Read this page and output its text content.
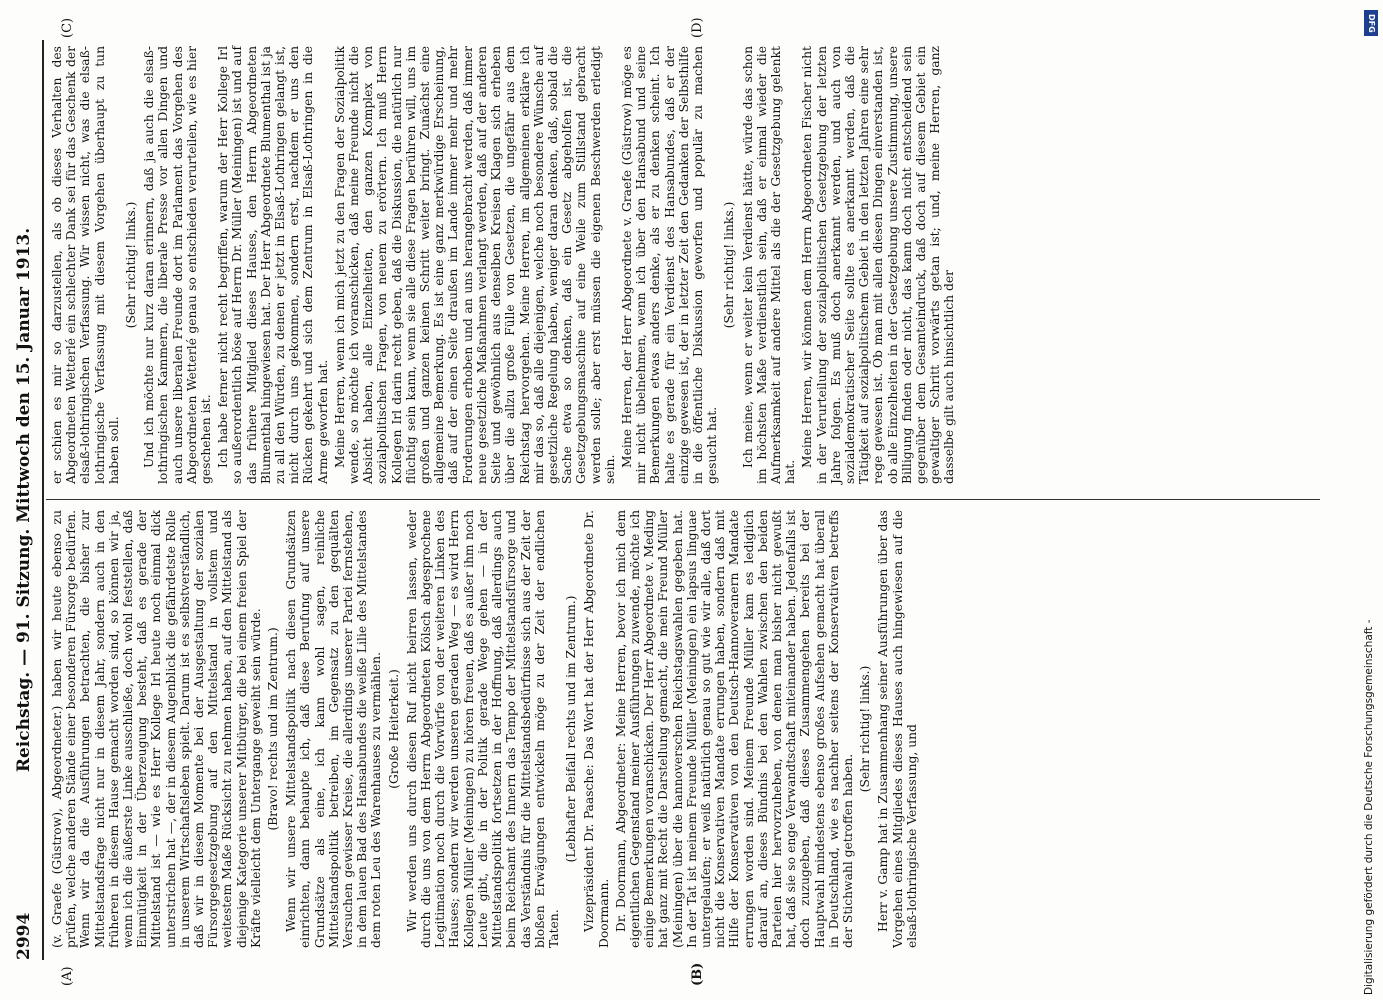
2994
Reichstag. — 91. Sitzung. Mittwoch den 15. Januar 1913.
(A)	(B)
(C)	(D)

(v. Graefe (Güstrow), Abgeordneter.) haben wir heute ebenso zu prüfen, welche anderen Stände einer besonderen Fürsorge bedürfen. Wenn wir da die Ausführungen betrachten, die bisher zur Mittelstandsfrage nicht nur in diesem Jahr, sondern auch in den früheren in diesem Hause gemacht worden sind, so können wir ja, wenn ich die äußerste Linke ausschließe, doch wohl feststellen, daß Einmütigkeit in der Überzeugung besteht, daß es gerade der Mittelstand ist — wie es Herr Kollege Irl heute noch einmal dick unterstrichen hat —, der in diesem Augenblick die gefährdetste Rolle in unserem Wirtschaftsleben spielt. Darum ist es selbstverständlich, daß wir in diesem Momente bei der Ausgestaltung der sozialen Fürsorgegesetzgebung auf den Mittelstand in vollstem und weitestem Maße Rücksicht zu nehmen haben, auf den Mittelstand als diejenige Kategorie unserer Mitbürger, die bei einem freien Spiel der Kräfte vielleicht dem Untergange geweiht sein würde. (Bravo! rechts und im Zentrum.) Wenn wir unsere Mittelstandspolitik nach diesen Grundsätzen einrichten, dann behaupte ich, daß diese Berufung auf unsere Grundsätze als eine, ich kann wohl sagen, reinliche Mittelstandspolitik betreiben, im Gegensatz zu den gequälten Versuchen gewisser Kreise, die allerdings unserer Partei fernstehen, in dem lauen Bad des Hansabundes die weiße Lilie des Mittelstandes dem roten Leu des Warenhauses zu vermählen. (Große Heiterkeit.) Wir werden uns durch diesen Ruf nicht beirren lassen, weder durch die uns von dem Herrn Abgeordneten Kölsch abgesprochene Legitimation noch durch die Vorwürfe von der weiteren Linken des Hauses; sondern wir werden unseren geraden Weg — es wird Herrn Kollegen Müller (Meiningen) zu hören freuen, daß es außer ihm noch Leute gibt, die in der Politik gerade Wege gehen — in der Mittelstandspolitik fortsetzen in der Hoffnung, daß allerdings auch beim Reichsamt des Innern das Tempo der Mittelstandsfürsorge und das Verständnis für die Mittelstandsbedürfnisse sich aus der Zeit der bloßen Erwägungen entwickeln möge zu der Zeit der endlichen Taten.

(Lebhafter Beifall rechts und im Zentrum.) Vizepräsident Dr. Paasche: Das Wort hat der Herr Abgeordnete Dr. Doormann. Dr. Doormann, Abgeordneter: Meine Herren, bevor ich mich dem eigentlichen Gegenstand meiner Ausführungen zuwende, möchte ich einige Bemerkungen voranschicken. Der Herr Abgeordnete v. Meding hat ganz mit Recht die Darstellung gemacht, die mein Freund Müller (Meiningen) über die hannoverschen Reichstagswahlen gegeben hat. In der Tat ist meinem Freunde Müller (Meiningen) ein lapsus linguae untergelaufen; er weiß natürlich genau so gut wie wir alle, daß dort nicht die Konservativen Mandate errungen haben, sondern daß mit Hilfe der Konservativen von den Deutsch-Hannoveranern Mandate errungen worden sind. Meinem Freunde Müller kam es lediglich darauf an, dieses Bündnis bei den Wahlen zwischen den beiden Parteien hier hervorzuheben, von denen man bisher nicht gewußt hat, daß sie so enge Verwandtschaft miteinander haben. Jedenfalls ist doch zuzugeben, daß dieses Zusammengehen bereits bei der Hauptwahl mindestens ebenso großes Aufsehen gemacht hat überall in Deutschland, wie es nachher seitens der Konservativen betreffs der Stichwahl getroffen haben.

(Sehr richtig! links.) Herr v. Gamp hat in Zusammenhang seiner Ausführungen über das Vorgehen eines Mitgliedes dieses Hauses auch hingewiesen auf die elsaß-lothringische Verfassung, und

er schien es mir so darzustellen, als ob dieses Verhalten des Abgeordneten Wetterlé ein schlechter Dank sei für das Geschenk der elsaß-lothringischen Verfassung. Wir wissen nicht, was die elsaß-lothringische Verfassung mit diesem Vorgehen überhaupt zu tun haben soll.

(Sehr richtig! links.) Und ich möchte nur kurz daran erinnern, daß ja auch die elsaß-lothringischen Kammern, die liberale Presse vor allen Dingen und auch unsere liberalen Freunde dort im Parlament das Vorgehen des Abgeordneten Wetterlé genau so entschieden verurteilen, wie es hier geschehen ist. Ich habe ferner nicht recht begriffen, warum der Herr Kollege Irl so außerordentlich böse auf Herrn Dr. Müller (Meiningen) ist und auf das frühere Mitglied dieses Hauses, den Herrn Abgeordneten Blumenthal hingewiesen hat. Der Herr Abgeordnete Blumenthal ist ja zu all den Würden, zu denen er jetzt in Elsaß-Lothringen gelangt ist, nicht durch uns gekommen, sondern erst, nachdem er uns den Rücken gekehrt und sich dem Zentrum in Elsaß-Lothringen in die Arme geworfen hat. Meine Herren, wenn ich mich jetzt zu den Fragen der Sozialpolitik wende, so möchte ich voranschicken, daß meine Freunde nicht die Absicht haben, alle Einzelheiten, den ganzen Komplex von sozialpolitischen Fragen, von neuem zu erörtern. Ich muß Herrn Kollegen Irl darin recht geben, daß die Diskussion, die natürlich nur flüchtig sein kann, wenn sie alle diese Fragen berühren will, uns im großen und ganzen keinen Schritt weiter bringt. Zunächst eine allgemeine Bemerkung. Es ist eine ganz merkwürdige Erscheinung, daß auf der einen Seite draußen im Lande immer mehr und mehr Forderungen erhoben und an uns herangebracht werden, daß immer neue gesetzliche Maßnahmen verlangt werden, daß auf der anderen Seite und gewöhnlich aus denselben Kreisen Klagen sich erheben über die allzu große Fülle von Gesetzen, die ungefähr aus dem Reichstag hervorgehen. Meine Herren, im allgemeinen erkläre ich mir das so, daß alle diejenigen, welche noch besondere Wünsche auf gesetzliche Regelung haben, weniger daran denken, daß, sobald die Sache etwa so denken, daß ein Gesetz abgeholfen ist, die Gesetzgebungsmaschine auf eine Weile zum Stillstand gebracht werden solle; aber erst müssen die eigenen Beschwerden erledigt sein.

Meine Herren, der Herr Abgeordnete v. Graefe (Güstrow) möge es mir nicht übelnehmen, wenn ich über den Hansabund und seine Bemerkungen etwas anders denke, als er zu denken scheint. Ich halte es gerade für ein Verdienst des Hansabundes, daß er der einzige gewesen ist, der in letzter Zeit den Gedanken der Selbsthilfe in die öffentliche Diskussion geworfen und populär zu machen gesucht hat.

(Sehr richtig! links.) Ich meine, wenn er weiter kein Verdienst hätte, würde das schon im höchsten Maße verdienstlich sein, daß er einmal wieder die Aufmerksamkeit auf andere Mittel als die der Gesetzgebung gelenkt hat.

Meine Herren, wir können dem Herrn Abgeordneten Fischer nicht in der Verurteilung der sozialpolitischen Gesetzgebung der letzten Jahre folgen. Es muß doch anerkannt werden, und auch von sozialdemokratischer Seite sollte es anerkannt werden, daß die Tätigkeit auf sozialpolitischem Gebiet in den letzten Jahren eine sehr rege gewesen ist. Ob man mit allen diesen Dingen einverstanden ist, ob alle Einzelheiten in der Gesetzgebung unsere Zustimmung, unsere Billigung finden oder nicht, das kann doch nicht entscheidend sein gegenüber dem Gesamteindruck, daß doch auf diesem Gebiet ein gewaltiger Schritt vorwärts getan ist; und, meine Herren, ganz dasselbe gilt auch hinsichtlich der

DFG
Digitalisierung gefördert durch die Deutsche Forschungsgemeinschaft -
